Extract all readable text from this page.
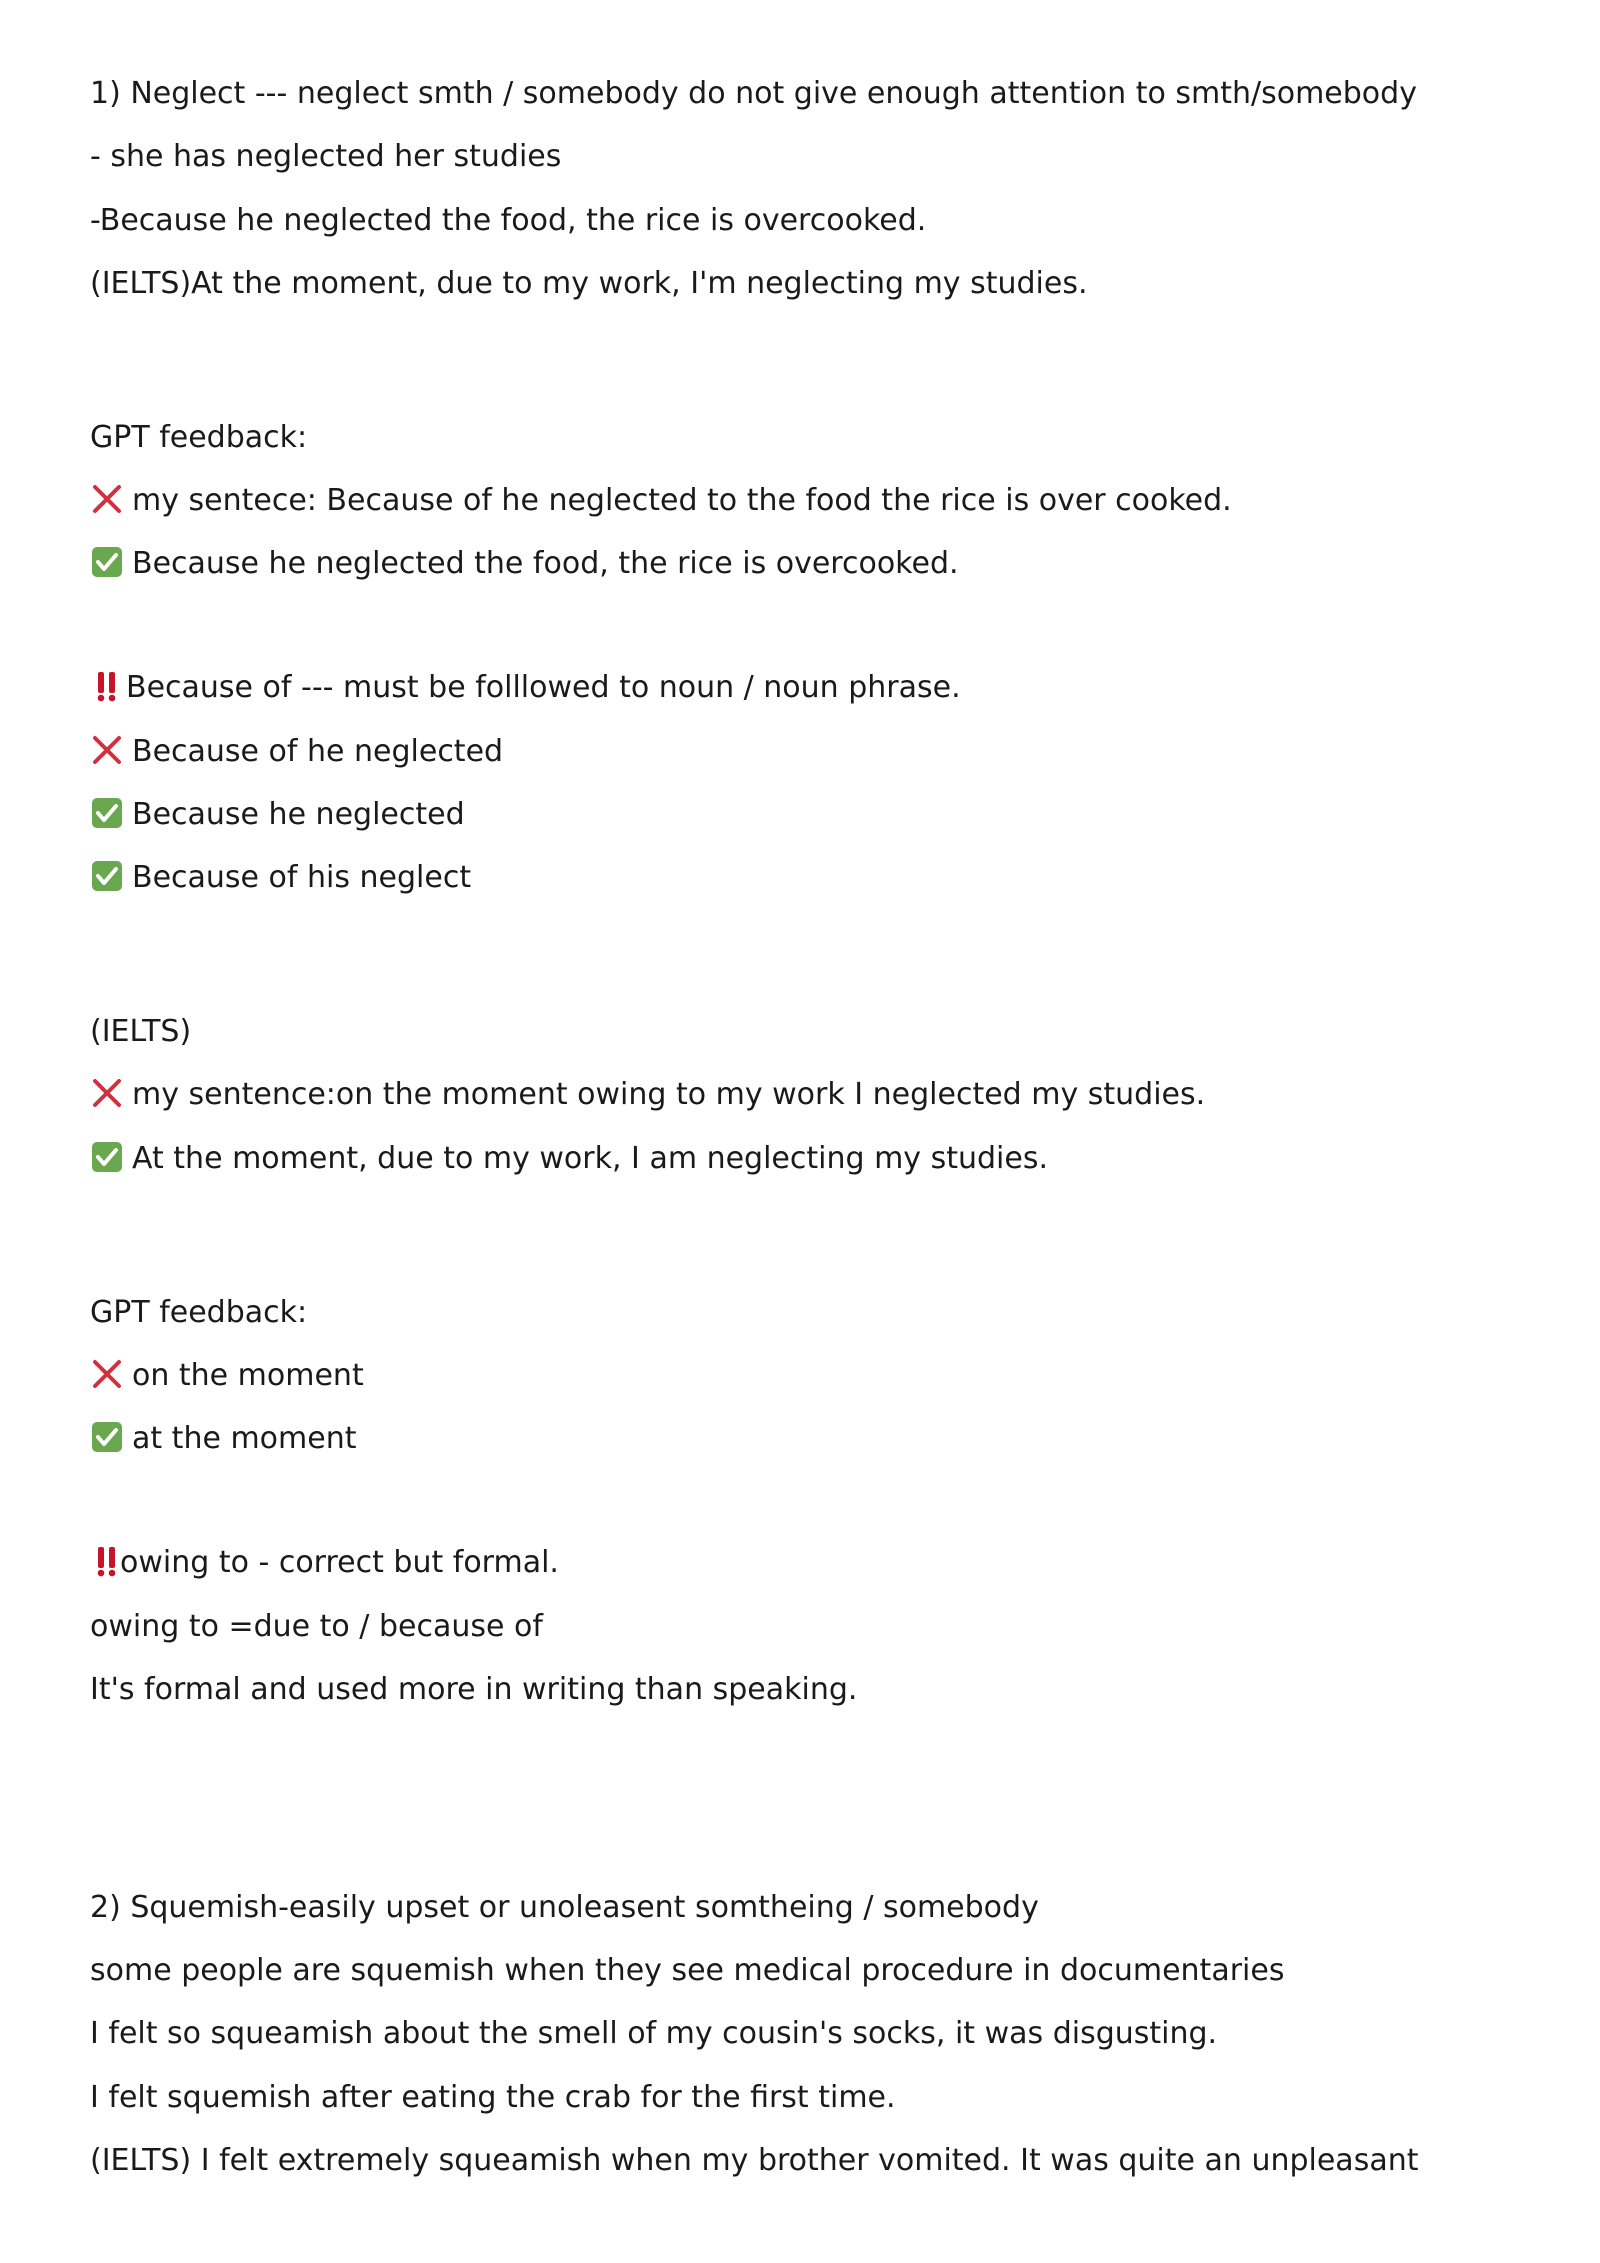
1) Neglect --- neglect smth / somebody do not give enough attention to smth/somebody
- she has neglected her studies
-Because he neglected the food, the rice is overcooked.
(IELTS)At the moment, due to my work, I'm neglecting my studies.
GPT feedback:
my sentece: Because of he neglected to the food the rice is over cooked.
Because he neglected the food, the rice is overcooked.
Because of --- must be folllowed to noun / noun phrase.
Because of he neglected
Because he neglected
Because of his neglect
(IELTS)
my sentence:on the moment owing to my work I neglected my studies.
At the moment, due to my work, I am neglecting my studies.
GPT feedback:
on the moment
at the moment
owing to - correct but formal.
owing to =due to / because of
It's formal and used more in writing than speaking.
2) Squemish-easily upset or unoleasent somtheing / somebody
some people are squemish when they see medical procedure in documentaries
I felt so squeamish about the smell of my cousin's socks, it was disgusting.
I felt squemish after eating the crab for the first time.
(IELTS) I felt extremely squeamish when my brother vomited. It was quite an unpleasant
